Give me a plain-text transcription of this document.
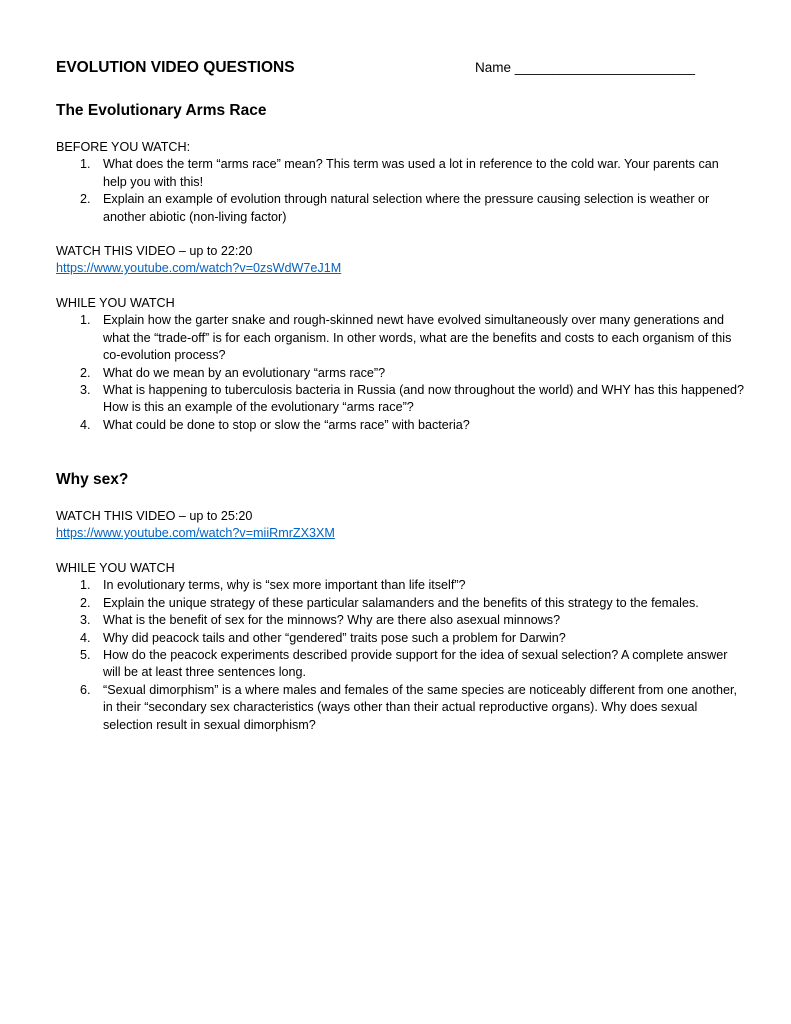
EVOLUTION VIDEO QUESTIONS	Name ________________________
The Evolutionary Arms Race
BEFORE YOU WATCH:
1. What does the term “arms race” mean? This term was used a lot in reference to the cold war. Your parents can help you with this!
2. Explain an example of evolution through natural selection where the pressure causing selection is weather or another abiotic (non-living factor)
WATCH THIS VIDEO – up to 22:20
https://www.youtube.com/watch?v=0zsWdW7eJ1M
WHILE YOU WATCH
1. Explain how the garter snake and rough-skinned newt have evolved simultaneously over many generations and what the “trade-off” is for each organism. In other words, what are the benefits and costs to each organism of this co-evolution process?
2. What do we mean by an evolutionary “arms race”?
3. What is happening to tuberculosis bacteria in Russia (and now throughout the world) and WHY has this happened? How is this an example of the evolutionary “arms race”?
4. What could be done to stop or slow the “arms race” with bacteria?
Why sex?
WATCH THIS VIDEO – up to 25:20
https://www.youtube.com/watch?v=miiRmrZX3XM
WHILE YOU WATCH
1. In evolutionary terms, why is “sex more important than life itself”?
2. Explain the unique strategy of these particular salamanders and the benefits of this strategy to the females.
3. What is the benefit of sex for the minnows? Why are there also asexual minnows?
4. Why did peacock tails and other “gendered” traits pose such a problem for Darwin?
5. How do the peacock experiments described provide support for the idea of sexual selection? A complete answer will be at least three sentences long.
6. “Sexual dimorphism” is a where males and females of the same species are noticeably different from one another, in their “secondary sex characteristics (ways other than their actual reproductive organs). Why does sexual selection result in sexual dimorphism?
